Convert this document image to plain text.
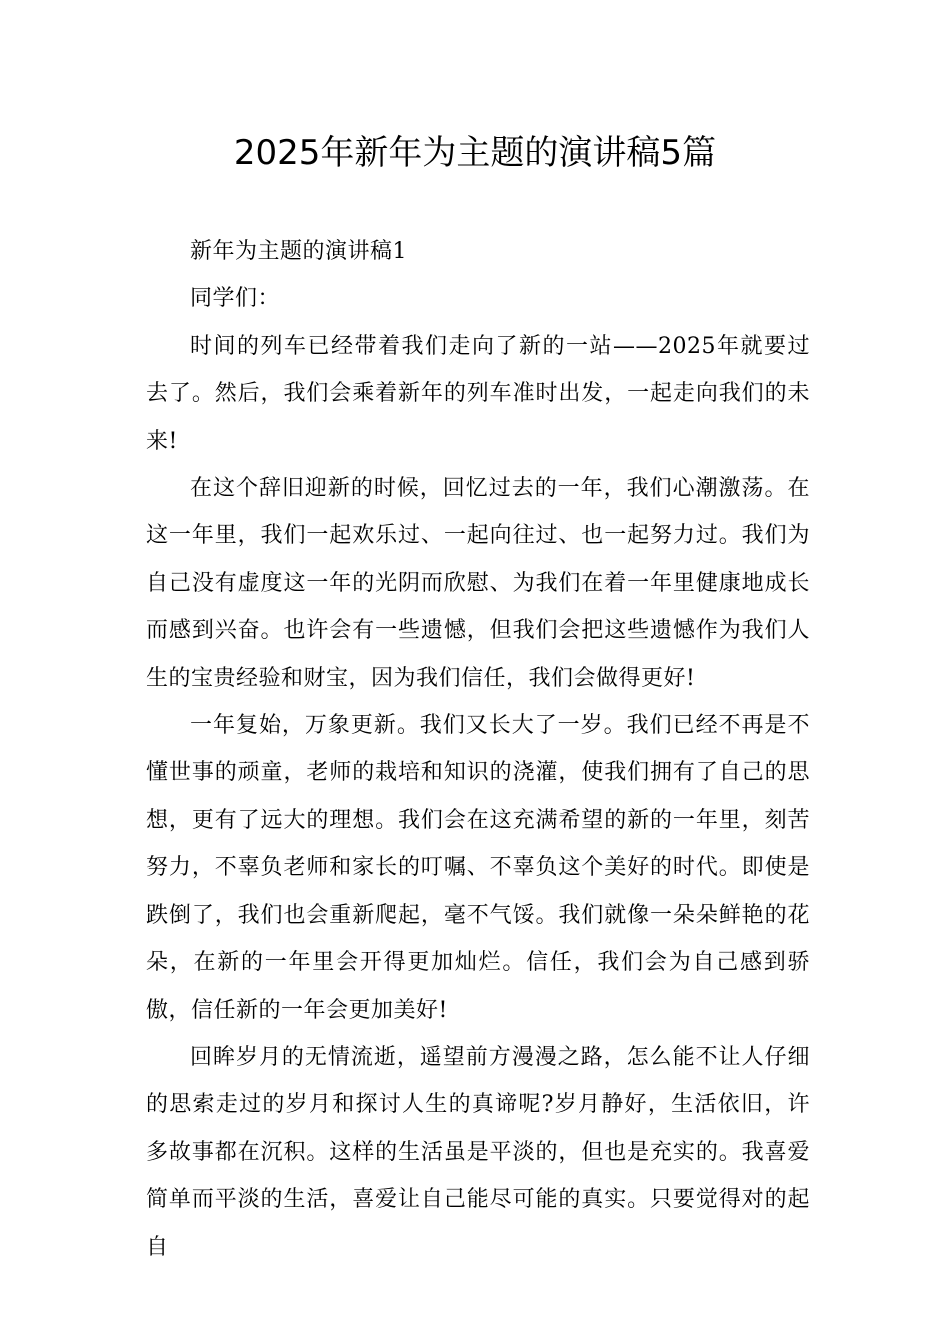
2025年新年为主题的演讲稿5篇

新年为主题的演讲稿1

同学们：

时间的列车已经带着我们走向了新的一站——2025年就要过去了。然后，我们会乘着新年的列车准时出发，一起走向我们的未来!

在这个辞旧迎新的时候，回忆过去的一年，我们心潮激荡。在这一年里，我们一起欢乐过、一起向往过、也一起努力过。我们为自己没有虚度这一年的光阴而欣慰、为我们在着一年里健康地成长而感到兴奋。也许会有一些遗憾，但我们会把这些遗憾作为我们人生的宝贵经验和财宝，因为我们信任，我们会做得更好!

一年复始，万象更新。我们又长大了一岁。我们已经不再是不懂世事的顽童，老师的栽培和知识的浇灌，使我们拥有了自己的思想，更有了远大的理想。我们会在这充满希望的新的一年里，刻苦努力，不辜负老师和家长的叮嘱、不辜负这个美好的时代。即使是跌倒了，我们也会重新爬起，毫不气馁。我们就像一朵朵鲜艳的花朵，在新的一年里会开得更加灿烂。信任，我们会为自己感到骄傲，信任新的一年会更加美好!

回眸岁月的无情流逝，遥望前方漫漫之路，怎么能不让人仔细的思索走过的岁月和探讨人生的真谛呢?岁月静好，生活依旧，许多故事都在沉积。这样的生活虽是平淡的，但也是充实的。我喜爱简单而平淡的生活，喜爱让自己能尽可能的真实。只要觉得对的起自
